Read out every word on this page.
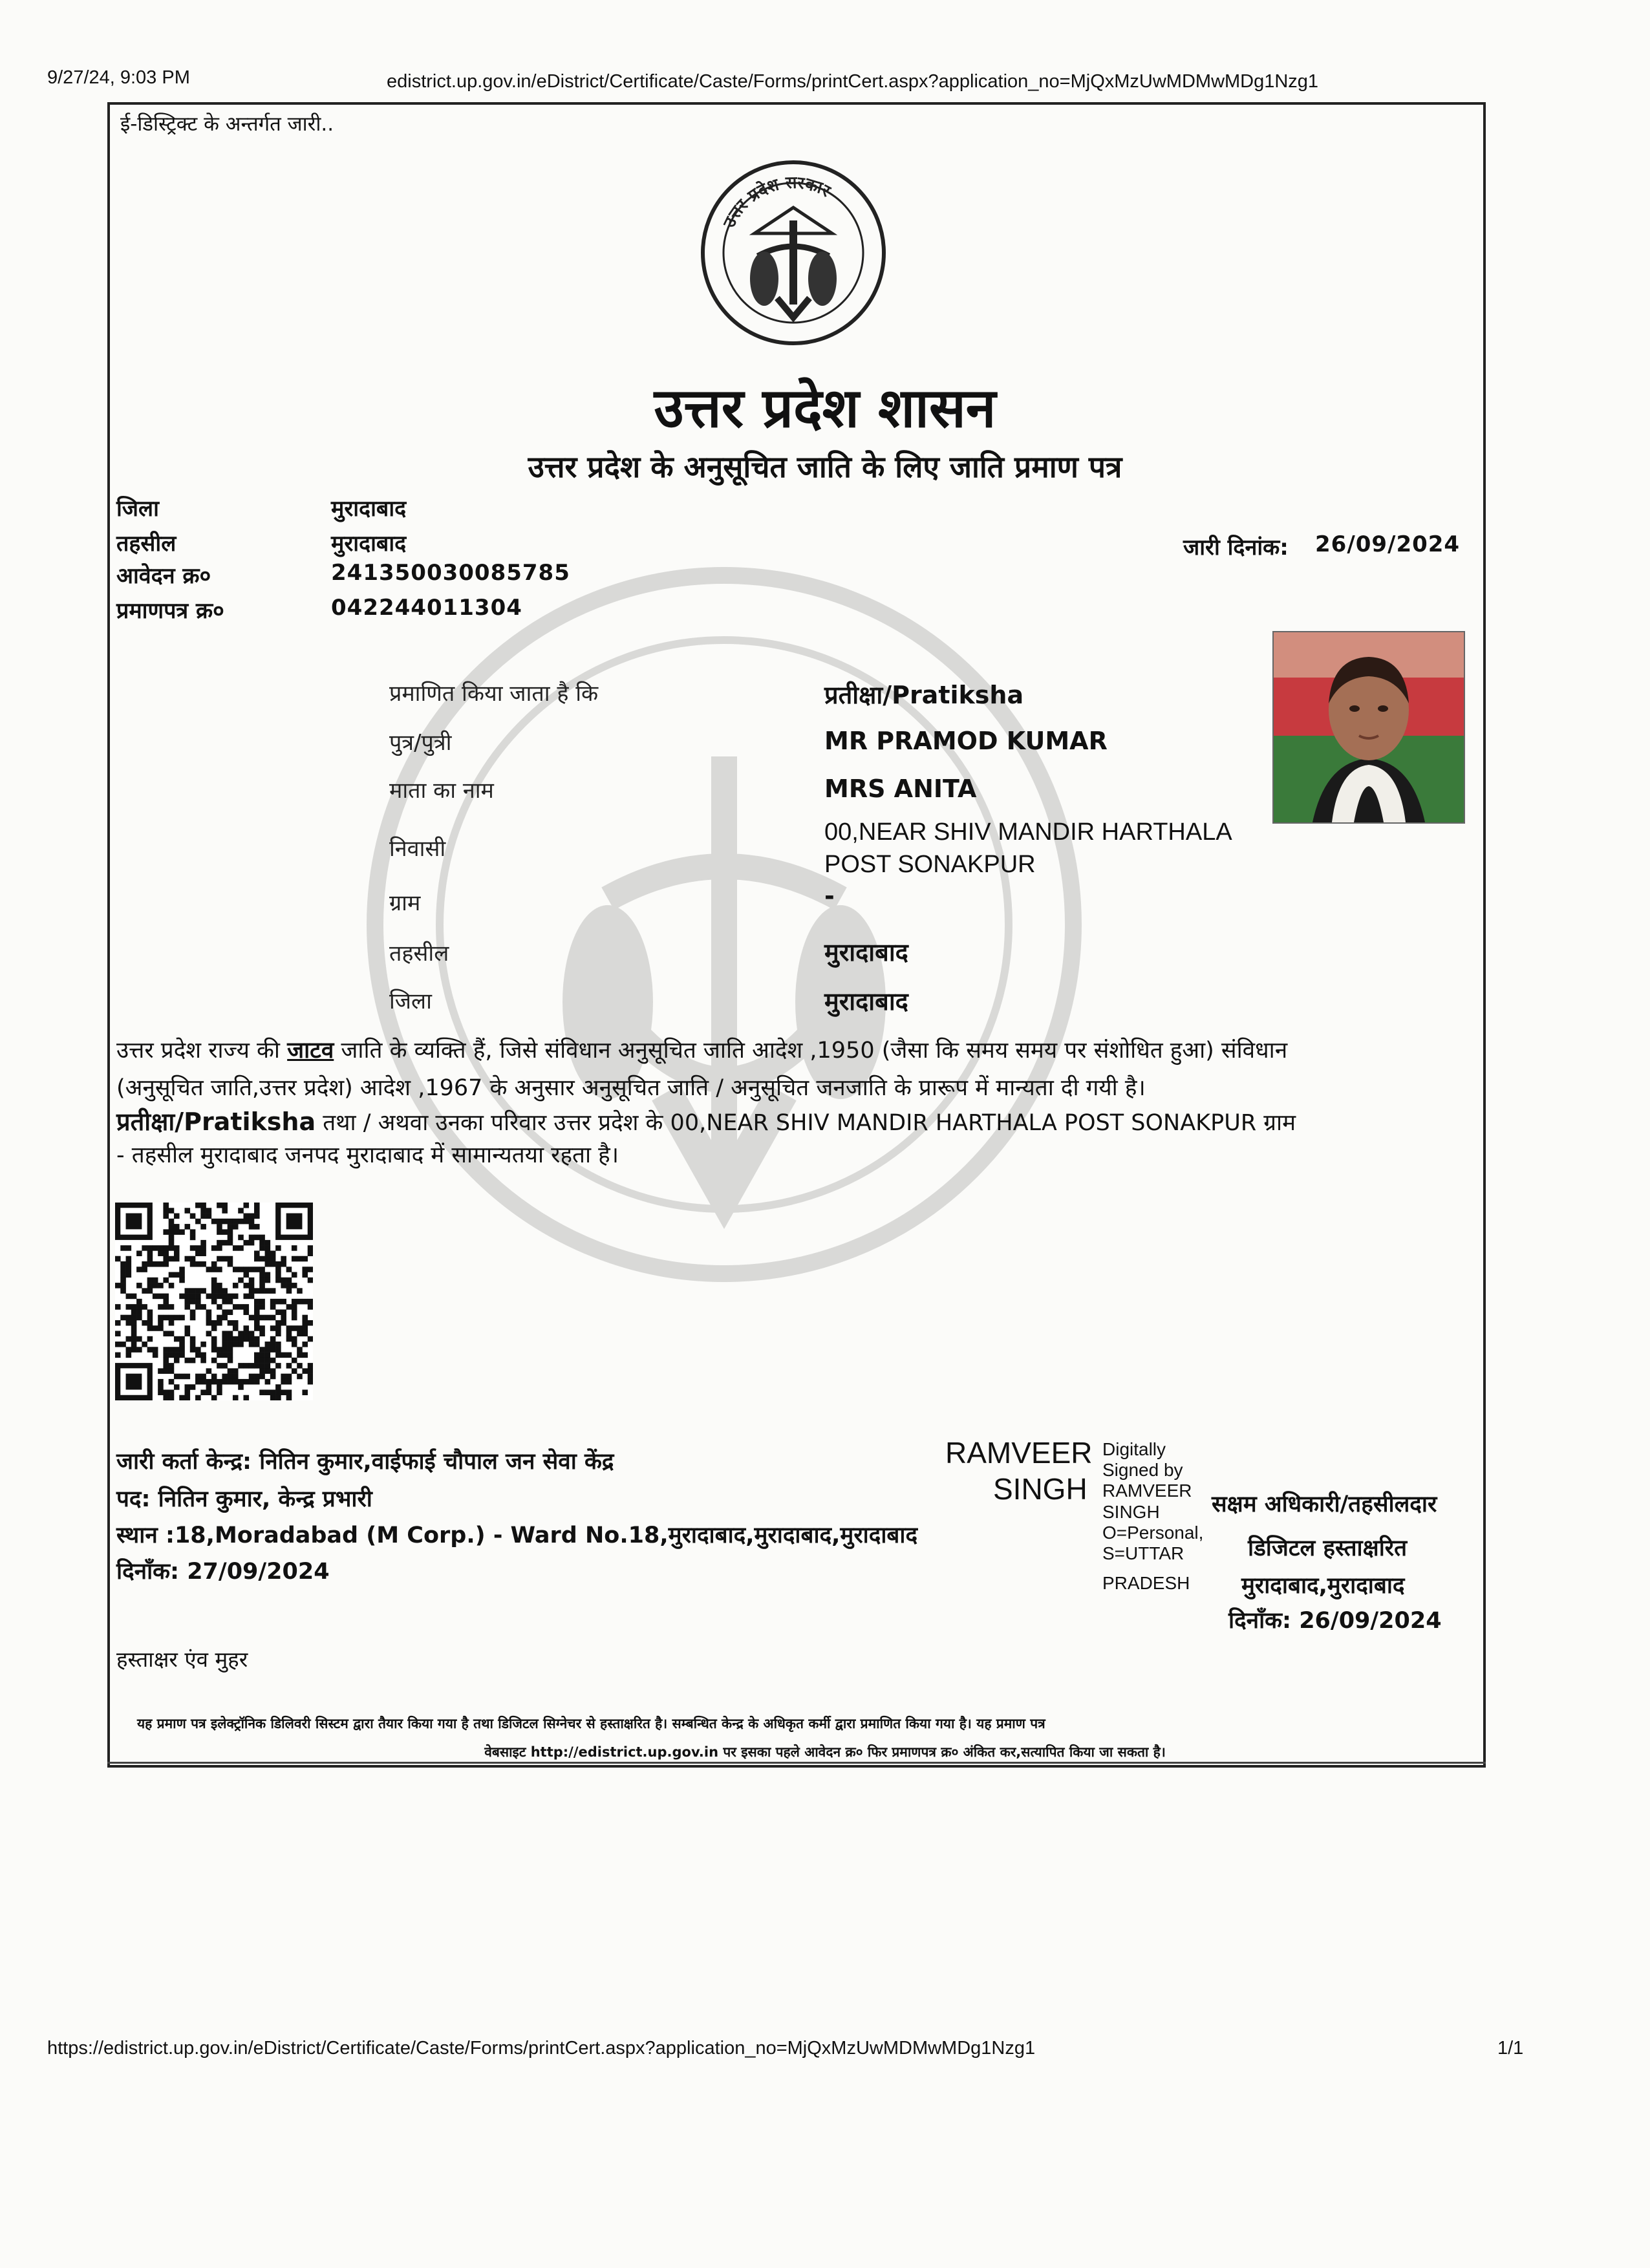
9/27/24, 9:03 PM	edistrict.up.gov.in/eDistrict/Certificate/Caste/Forms/printCert.aspx?application_no=MjQxMzUwMDMwMDg1Nzg1
ई-डिस्ट्रिक्ट के अन्तर्गत जारी..
उत्तर प्रदेश सरकार
उत्तर प्रदेश शासन
उत्तर प्रदेश के अनुसूचित जाति के लिए जाति प्रमाण पत्र
जिला	मुरादाबाद
तहसील	मुरादाबाद
आवेदन क्र०	241350030085785
प्रमाणपत्र क्र०	042244011304
जारी दिनांक: 26/09/2024
प्रमाणित किया जाता है कि	प्रतीक्षा/Pratiksha
पुत्र/पुत्री	MR PRAMOD KUMAR
माता का नाम	MRS ANITA
निवासी
00,NEAR SHIV MANDIR HARTHALA
POST SONAKPUR
ग्राम	-
तहसील	मुरादाबाद
जिला	मुरादाबाद
उत्तर प्रदेश राज्य की जाटव जाति के व्यक्ति हैं, जिसे संविधान अनुसूचित जाति आदेश ,1950 (जैसा कि समय समय पर संशोधित हुआ) संविधान
(अनुसूचित जाति,उत्तर प्रदेश) आदेश ,1967 के अनुसार अनुसूचित जाति / अनुसूचित जनजाति के प्रारूप में मान्यता दी गयी है।
प्रतीक्षा/Pratiksha तथा / अथवा उनका परिवार उत्तर प्रदेश के 00,NEAR SHIV MANDIR HARTHALA POST SONAKPUR ग्राम
- तहसील मुरादाबाद जनपद मुरादाबाद में सामान्यतया रहता है।
जारी कर्ता केन्द्र: नितिन कुमार,वाईफाई चौपाल जन सेवा केंद्र
पद: नितिन कुमार, केन्द्र प्रभारी
स्थान :18,Moradabad (M Corp.) - Ward No.18,मुरादाबाद,मुरादाबाद,मुरादाबाद
दिनाँक: 27/09/2024
RAMVEER
SINGH
Digitally
Signed by
RAMVEER
SINGH
O=Personal,
S=UTTAR
PRADESH
सक्षम अधिकारी/तहसीलदार
डिजिटल हस्ताक्षरित
मुरादाबाद,मुरादाबाद
दिनाँक: 26/09/2024
हस्ताक्षर एंव मुहर
यह प्रमाण पत्र इलेक्ट्रॉनिक डिलिवरी सिस्टम द्वारा तैयार किया गया है तथा डिजिटल सिग्नेचर से हस्ताक्षरित है। सम्बन्धित केन्द्र के अधिकृत कर्मी द्वारा प्रमाणित किया गया है। यह प्रमाण पत्र
वेबसाइट http://edistrict.up.gov.in पर इसका पहले आवेदन क्र० फिर प्रमाणपत्र क्र० अंकित कर,सत्यापित किया जा सकता है।
https://edistrict.up.gov.in/eDistrict/Certificate/Caste/Forms/printCert.aspx?application_no=MjQxMzUwMDMwMDg1Nzg1	1/1
